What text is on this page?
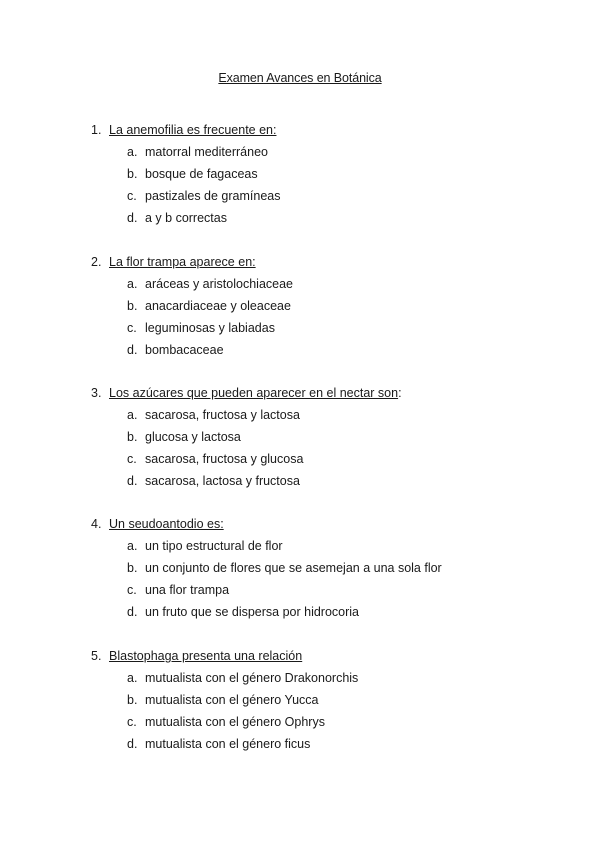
Examen Avances en Botánica
1. La anemofilia es frecuente en:
a. matorral mediterráneo
b. bosque de fagaceas
c. pastizales de gramíneas
d. a y b correctas
2. La flor trampa aparece en:
a. aráceas y aristolochiaceae
b. anacardiaceae y oleaceae
c. leguminosas y labiadas
d. bombacaceae
3. Los azúcares que pueden aparecer en el nectar son:
a. sacarosa, fructosa y lactosa
b. glucosa y lactosa
c. sacarosa, fructosa y glucosa
d. sacarosa, lactosa y fructosa
4. Un seudoantodio es:
a. un tipo estructural de flor
b. un conjunto de flores que se asemejan a una sola flor
c. una flor trampa
d. un fruto que se dispersa por hidrocoria
5. Blastophaga presenta una relación
a. mutualista con el género Drakonorchis
b. mutualista con el género Yucca
c. mutualista con el género Ophrys
d. mutualista con el género ficus
